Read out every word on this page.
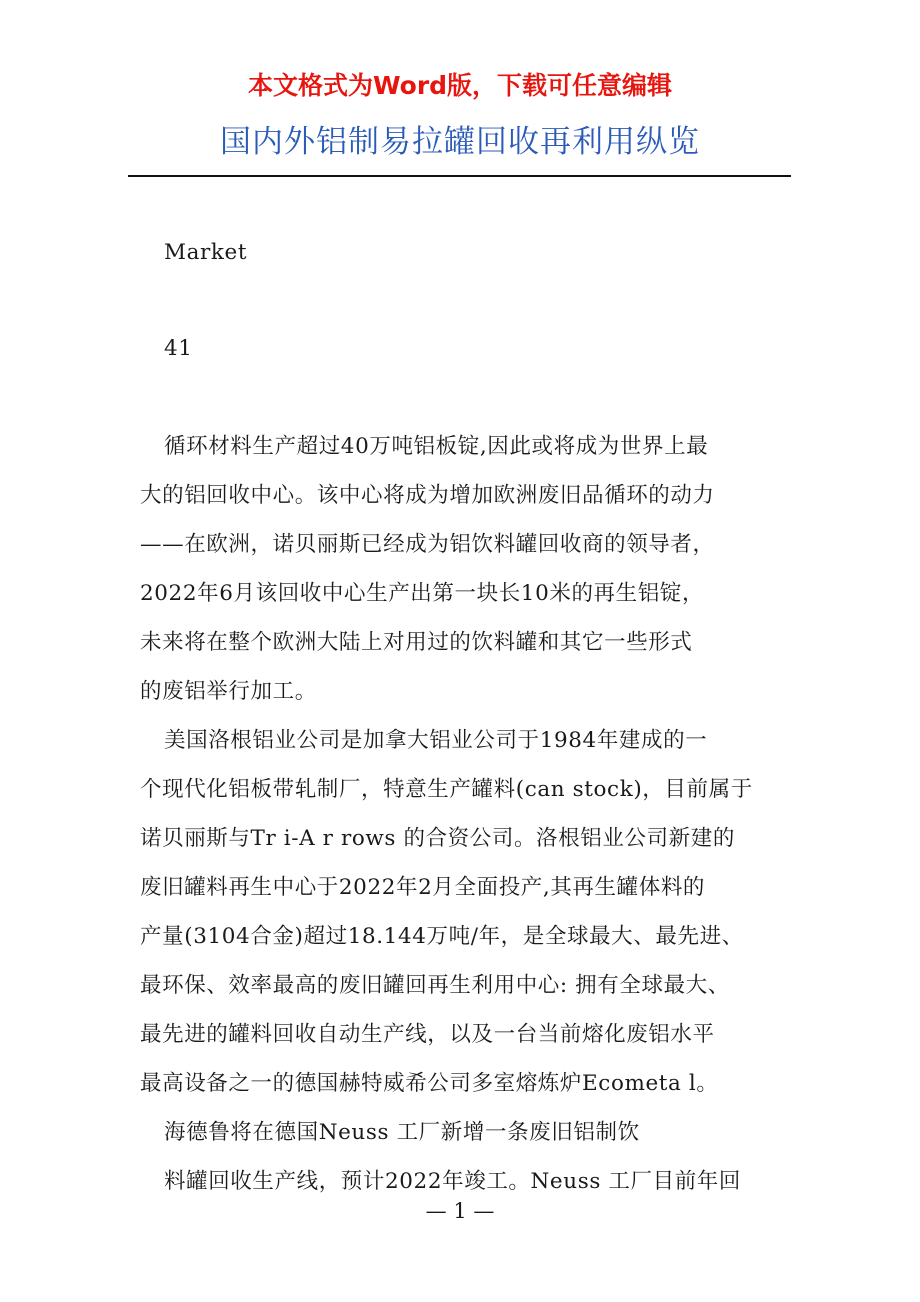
本文格式为Word版，下载可任意编辑
国内外铝制易拉罐回收再利用纵览
Market
41
循环材料生产超过40万吨铝板锭,因此或将成为世界上最
大的铝回收中心。该中心将成为增加欧洲废旧品循环的动力
——在欧洲，诺贝丽斯已经成为铝饮料罐回收商的领导者，
2022年6月该回收中心生产出第一块长10米的再生铝锭，
未来将在整个欧洲大陆上对用过的饮料罐和其它一些形式
的废铝举行加工。
美国洛根铝业公司是加拿大铝业公司于1984年建成的一
个现代化铝板带轧制厂，特意生产罐料(can stock)，目前属于
诺贝丽斯与Tr i-A r rows 的合资公司。洛根铝业公司新建的
废旧罐料再生中心于2022年2月全面投产,其再生罐体料的
产量(3104合金)超过18.144万吨/年，是全球最大、最先进、
最环保、效率最高的废旧罐回再生利用中心: 拥有全球最大、
最先进的罐料回收自动生产线，以及一台当前熔化废铝水平
最高设备之一的德国赫特威希公司多室熔炼炉Ecometa l。
海德鲁将在德国Neuss 工厂新增一条废旧铝制饮
料罐回收生产线，预计2022年竣工。Neuss 工厂目前年回
— 1 —
